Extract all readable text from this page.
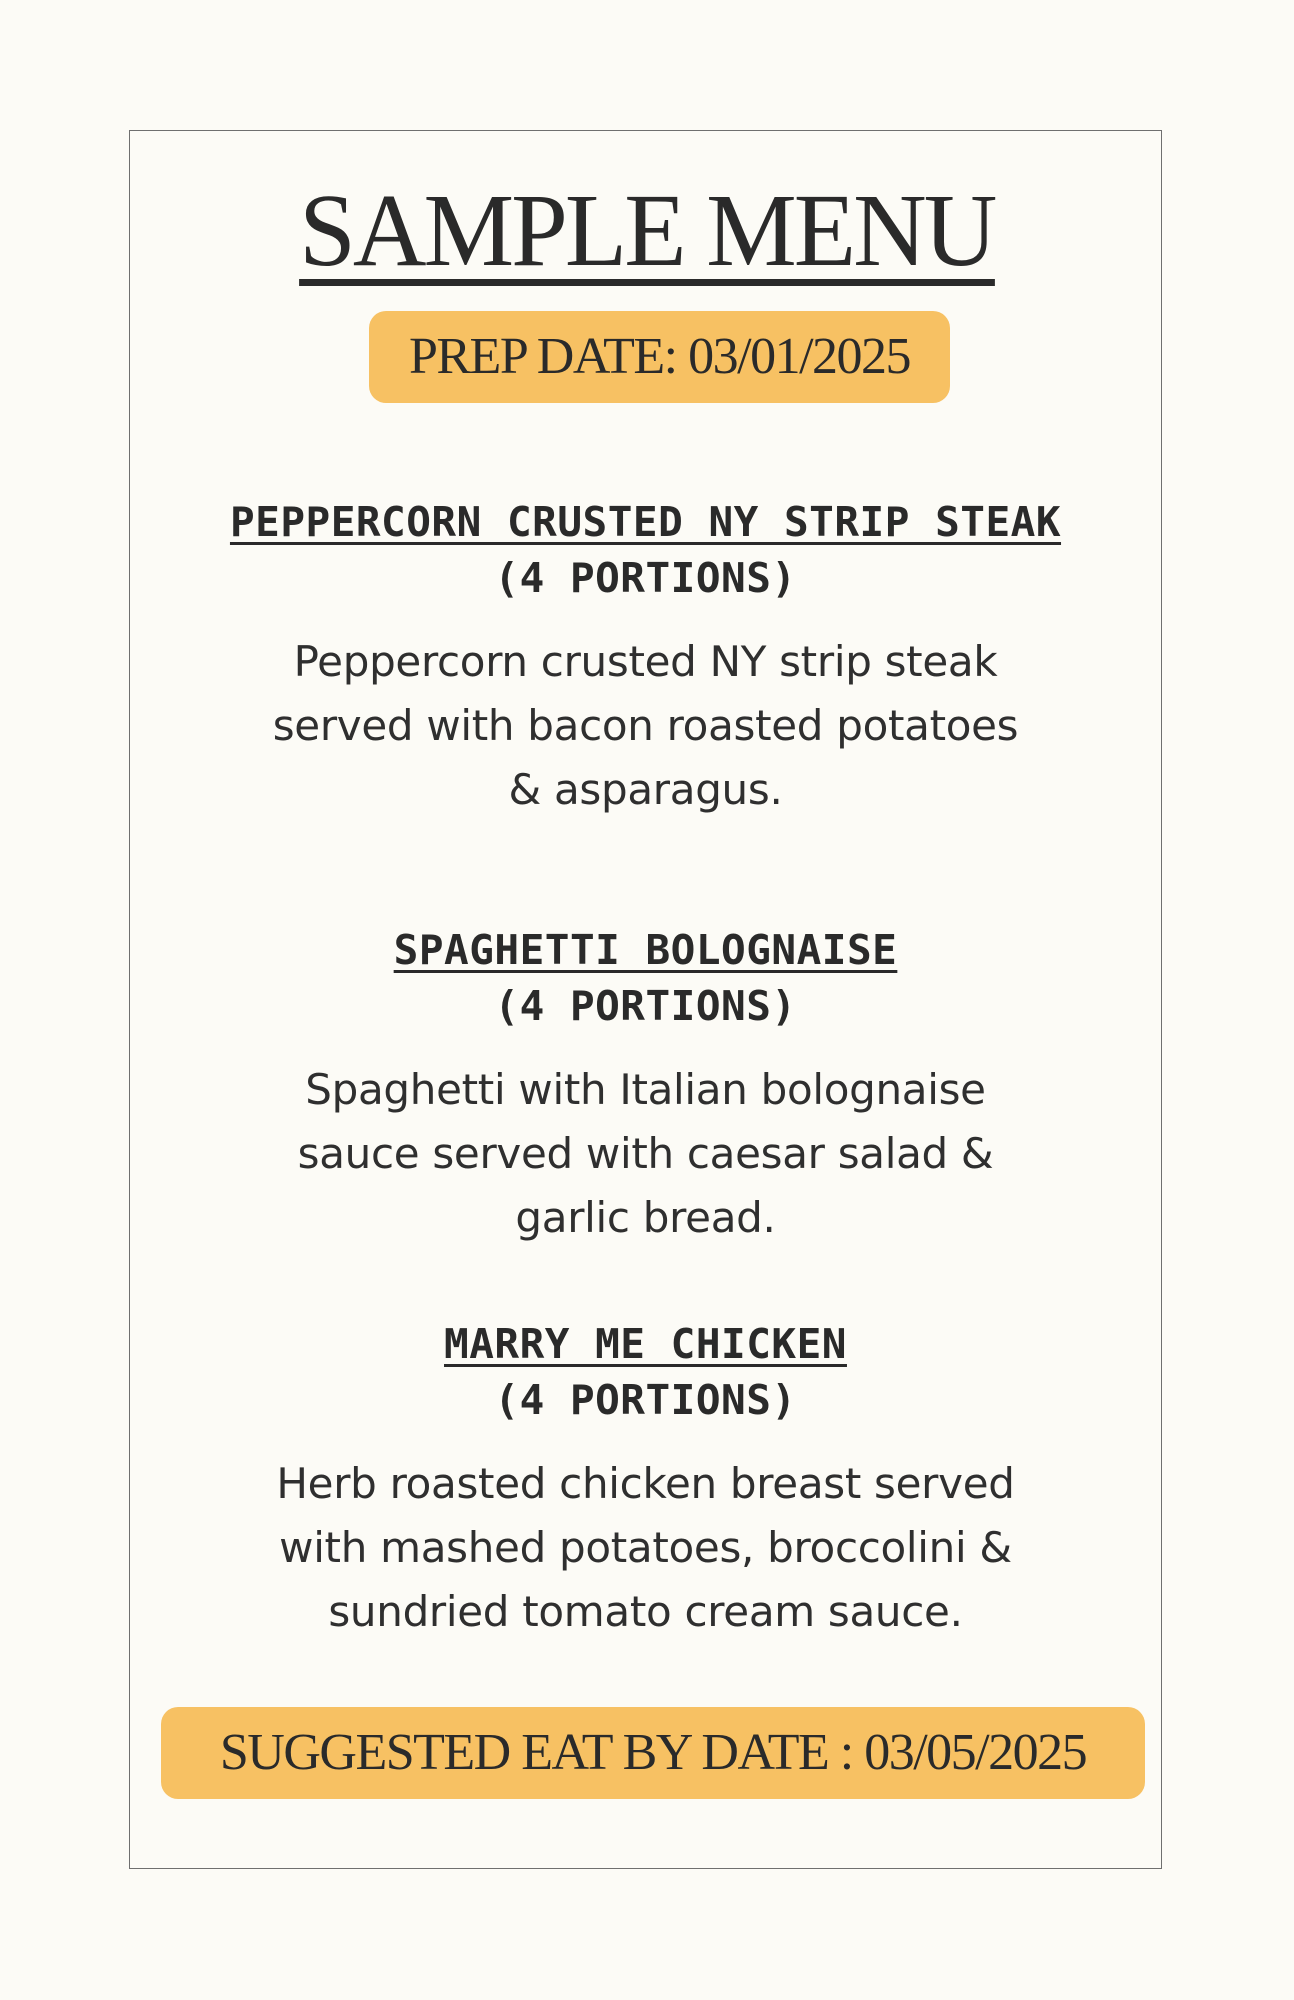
SAMPLE MENU
PREP DATE: 03/01/2025
PEPPERCORN CRUSTED NY STRIP STEAK
(4 PORTIONS)
Peppercorn crusted NY strip steak
served with bacon roasted potatoes
& asparagus.
SPAGHETTI BOLOGNAISE
(4 PORTIONS)
Spaghetti with Italian bolognaise
sauce served with caesar salad &
garlic bread.
MARRY ME CHICKEN
(4 PORTIONS)
Herb roasted chicken breast served
with mashed potatoes, broccolini &
sundried tomato cream sauce.
SUGGESTED EAT BY DATE : 03/05/2025
